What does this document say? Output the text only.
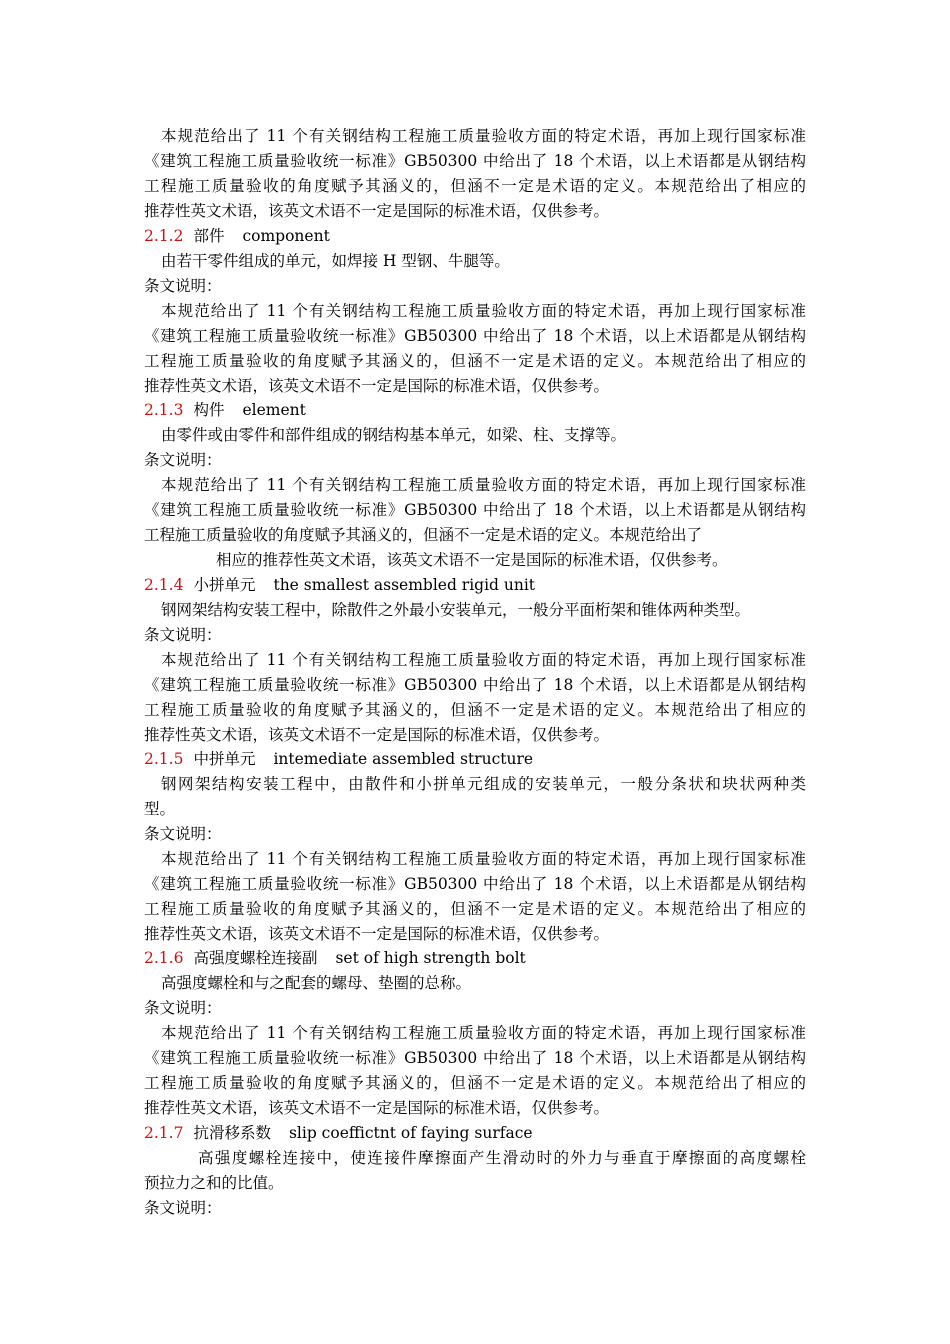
本规范给出了 11 个有关钢结构工程施工质量验收方面的特定术语，再加上现行国家标准
《建筑工程施工质量验收统一标准》GB50300 中给出了 18 个术语，以上术语都是从钢结构
工程施工质量验收的角度赋予其涵义的，但涵不一定是术语的定义。本规范给出了相应的
推荐性英文术语，该英文术语不一定是国际的标准术语，仅供参考。
2.1.2 部件 component
由若干零件组成的单元，如焊接 H 型钢、牛腿等。
条文说明：
本规范给出了 11 个有关钢结构工程施工质量验收方面的特定术语，再加上现行国家标准
《建筑工程施工质量验收统一标准》GB50300 中给出了 18 个术语，以上术语都是从钢结构
工程施工质量验收的角度赋予其涵义的，但涵不一定是术语的定义。本规范给出了相应的
推荐性英文术语，该英文术语不一定是国际的标准术语，仅供参考。
2.1.3 构件 element
由零件或由零件和部件组成的钢结构基本单元，如梁、柱、支撑等。
条文说明：
本规范给出了 11 个有关钢结构工程施工质量验收方面的特定术语，再加上现行国家标准
《建筑工程施工质量验收统一标准》GB50300 中给出了 18 个术语，以上术语都是从钢结构
工程施工质量验收的角度赋予其涵义的，但涵不一定是术语的定义。本规范给出了
相应的推荐性英文术语，该英文术语不一定是国际的标准术语，仅供参考。
2.1.4 小拼单元 the smallest assembled rigid unit
钢网架结构安装工程中，除散件之外最小安装单元，一般分平面桁架和锥体两种类型。
条文说明：
本规范给出了 11 个有关钢结构工程施工质量验收方面的特定术语，再加上现行国家标准
《建筑工程施工质量验收统一标准》GB50300 中给出了 18 个术语，以上术语都是从钢结构
工程施工质量验收的角度赋予其涵义的，但涵不一定是术语的定义。本规范给出了相应的
推荐性英文术语，该英文术语不一定是国际的标准术语，仅供参考。
2.1.5 中拼单元 intemediate assembled structure
钢网架结构安装工程中，由散件和小拼单元组成的安装单元，一般分条状和块状两种类
型。
条文说明：
本规范给出了 11 个有关钢结构工程施工质量验收方面的特定术语，再加上现行国家标准
《建筑工程施工质量验收统一标准》GB50300 中给出了 18 个术语，以上术语都是从钢结构
工程施工质量验收的角度赋予其涵义的，但涵不一定是术语的定义。本规范给出了相应的
推荐性英文术语，该英文术语不一定是国际的标准术语，仅供参考。
2.1.6 高强度螺栓连接副 set of high strength bolt
高强度螺栓和与之配套的螺母、垫圈的总称。
条文说明：
本规范给出了 11 个有关钢结构工程施工质量验收方面的特定术语，再加上现行国家标准
《建筑工程施工质量验收统一标准》GB50300 中给出了 18 个术语，以上术语都是从钢结构
工程施工质量验收的角度赋予其涵义的，但涵不一定是术语的定义。本规范给出了相应的
推荐性英文术语，该英文术语不一定是国际的标准术语，仅供参考。
2.1.7 抗滑移系数 slip coeffictnt of faying surface
高强度螺栓连接中，使连接件摩擦面产生滑动时的外力与垂直于摩擦面的高度螺栓
预拉力之和的比值。
条文说明：
